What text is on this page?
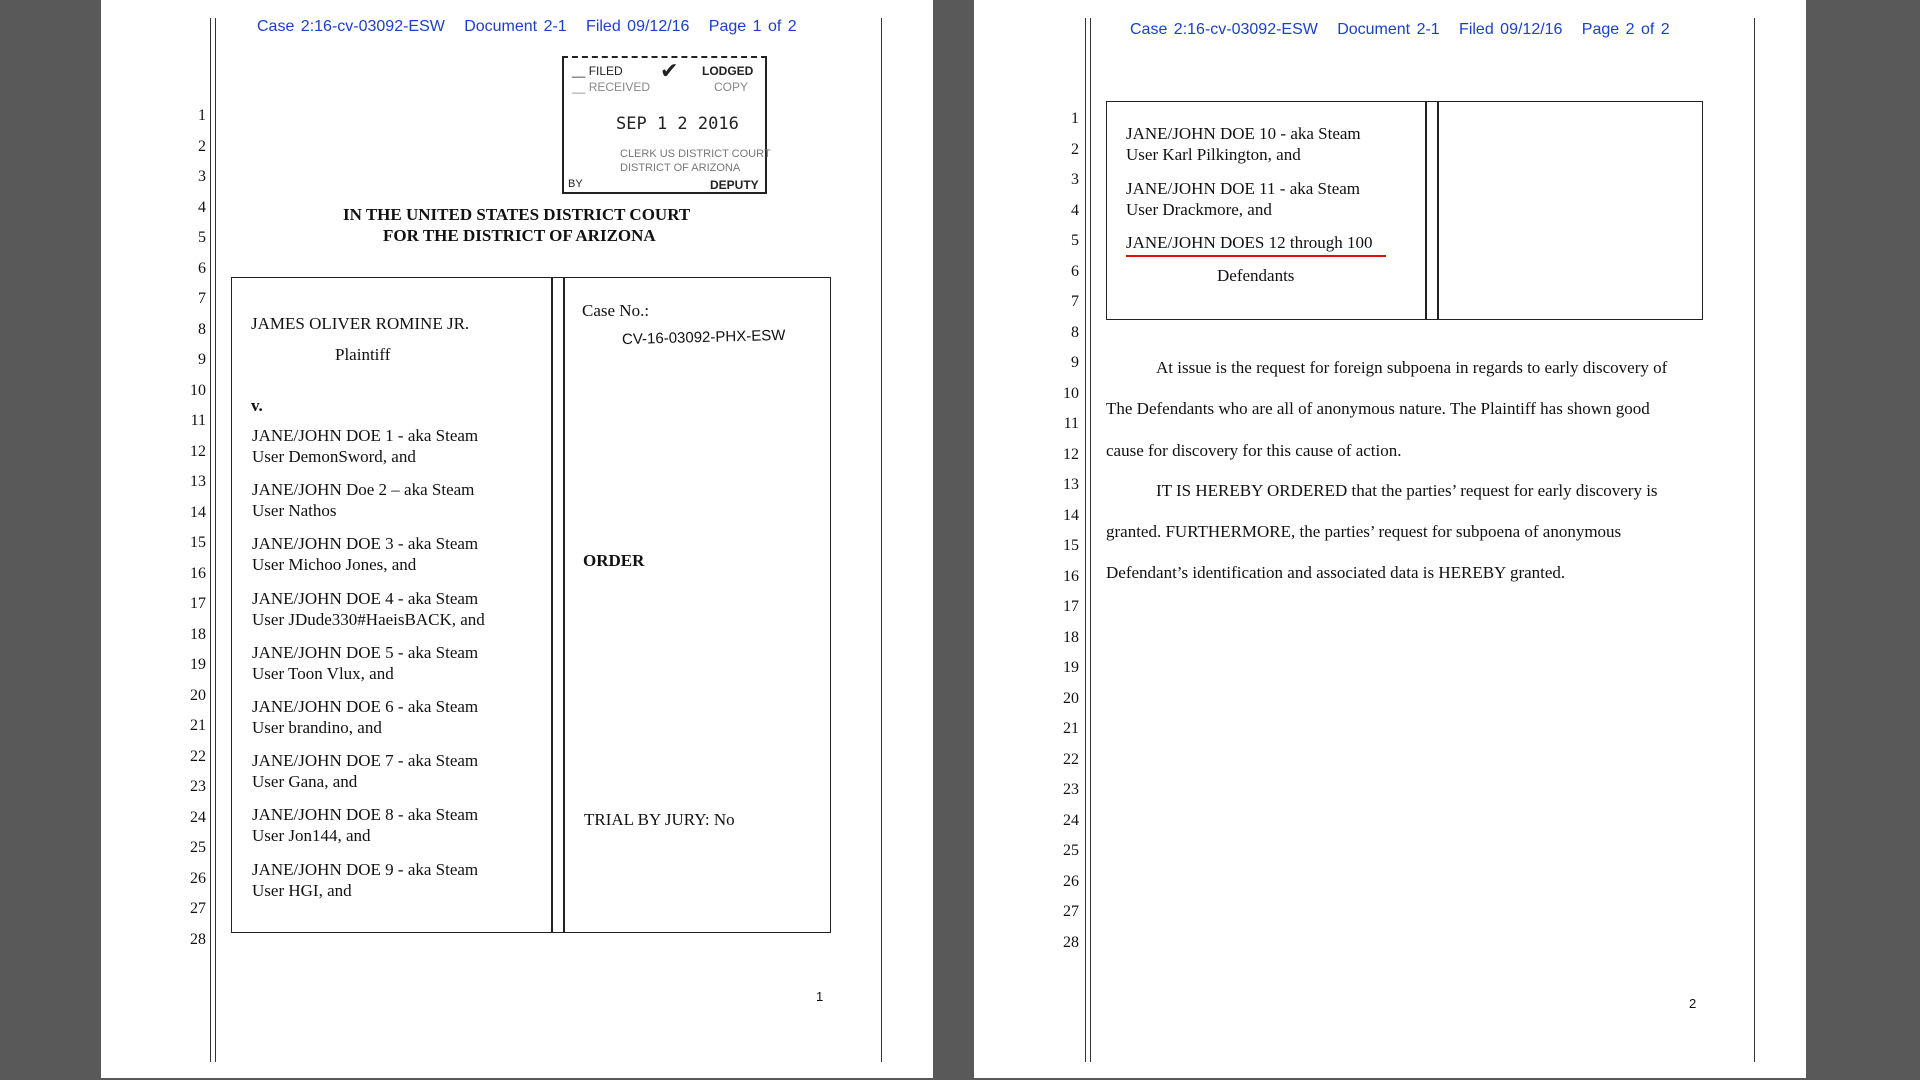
Case 2:16-cv-03092-ESW Document 2-1 Filed 09/12/16 Page 1 of 2
1
2
3
4
5
6
7
8
9
10
11
12
13
14
15
16
17
18
19
20
21
22
23
24
25
26
27
28
__ FILED ✔ LODGED
__ RECEIVED	COPY
SEP 1 2 2016
CLERK US DISTRICT COURT
DISTRICT OF ARIZONA
BY	DEPUTY
IN THE UNITED STATES DISTRICT COURT
FOR THE DISTRICT OF ARIZONA
JAMES OLIVER ROMINE JR.
Plaintiff
v.
JANE/JOHN DOE 1 - aka Steam
User DemonSword, and
JANE/JOHN Doe 2 – aka Steam
User Nathos
JANE/JOHN DOE 3 - aka Steam
User Michoo Jones, and
JANE/JOHN DOE 4 - aka Steam
User JDude330#HaeisBACK, and
JANE/JOHN DOE 5 - aka Steam
User Toon Vlux, and
JANE/JOHN DOE 6 - aka Steam
User brandino, and
JANE/JOHN DOE 7 - aka Steam
User Gana, and
JANE/JOHN DOE 8 - aka Steam
User Jon144, and
JANE/JOHN DOE 9 - aka Steam
User HGI, and
Case No.:
CV-16-03092-PHX-ESW
ORDER
TRIAL BY JURY: No
1
Case 2:16-cv-03092-ESW Document 2-1 Filed 09/12/16 Page 2 of 2
1
2
3
4
5
6
7
8
9
10
11
12
13
14
15
16
17
18
19
20
21
22
23
24
25
26
27
28
JANE/JOHN DOE 10 - aka Steam
User Karl Pilkington, and
JANE/JOHN DOE 11 - aka Steam
User Drackmore, and
JANE/JOHN DOES 12 through 100
Defendants
At issue is the request for foreign subpoena in regards to early discovery of
The Defendants who are all of anonymous nature. The Plaintiff has shown good
cause for discovery for this cause of action.
IT IS HEREBY ORDERED that the parties’ request for early discovery is
granted. FURTHERMORE, the parties’ request for subpoena of anonymous
Defendant’s identification and associated data is HEREBY granted.
2
